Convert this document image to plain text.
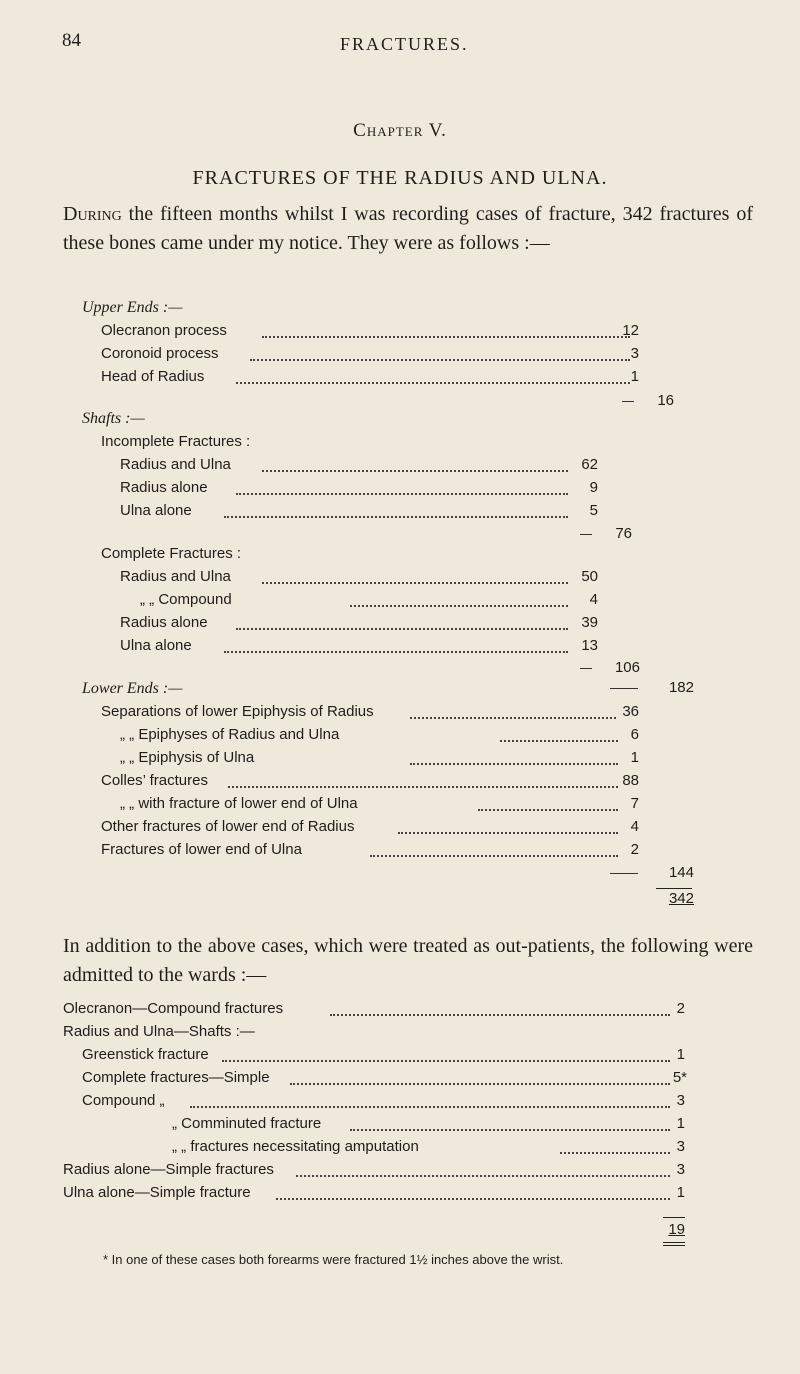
84	FRACTURES.
Chapter V.
FRACTURES OF THE RADIUS AND ULNA.
During the fifteen months whilst I was recording cases of fracture, 342 fractures of these bones came under my notice. They were as follows :—
Upper Ends :—
Olecranon process	12
Coronoid process	3
Head of Radius	1
16
Shafts :—
Incomplete Fractures :
Radius and Ulna	62
Radius alone	9
Ulna alone	5
76
Complete Fractures :
Radius and Ulna	50
„ „ Compound	4
Radius alone	39
Ulna alone	13
106
182
Lower Ends :—
Separations of lower Epiphysis of Radius	36
„ „ Epiphyses of Radius and Ulna	6
„ „ Epiphysis of Ulna	1
Colles’ fractures	88
„ „ with fracture of lower end of Ulna	7
Other fractures of lower end of Radius	4
Fractures of lower end of Ulna	2
144
342
In addition to the above cases, which were treated as out-patients, the following were admitted to the wards :—
Olecranon—Compound fractures	2
Radius and Ulna—Shafts :—
Greenstick fracture	1
Complete fractures—Simple	5*
Compound „	3
„ Comminuted fracture	1
„ „ fractures necessitating amputation	3
Radius alone—Simple fractures	3
Ulna alone—Simple fracture	1
19
* In one of these cases both forearms were fractured 1½ inches above the wrist.
